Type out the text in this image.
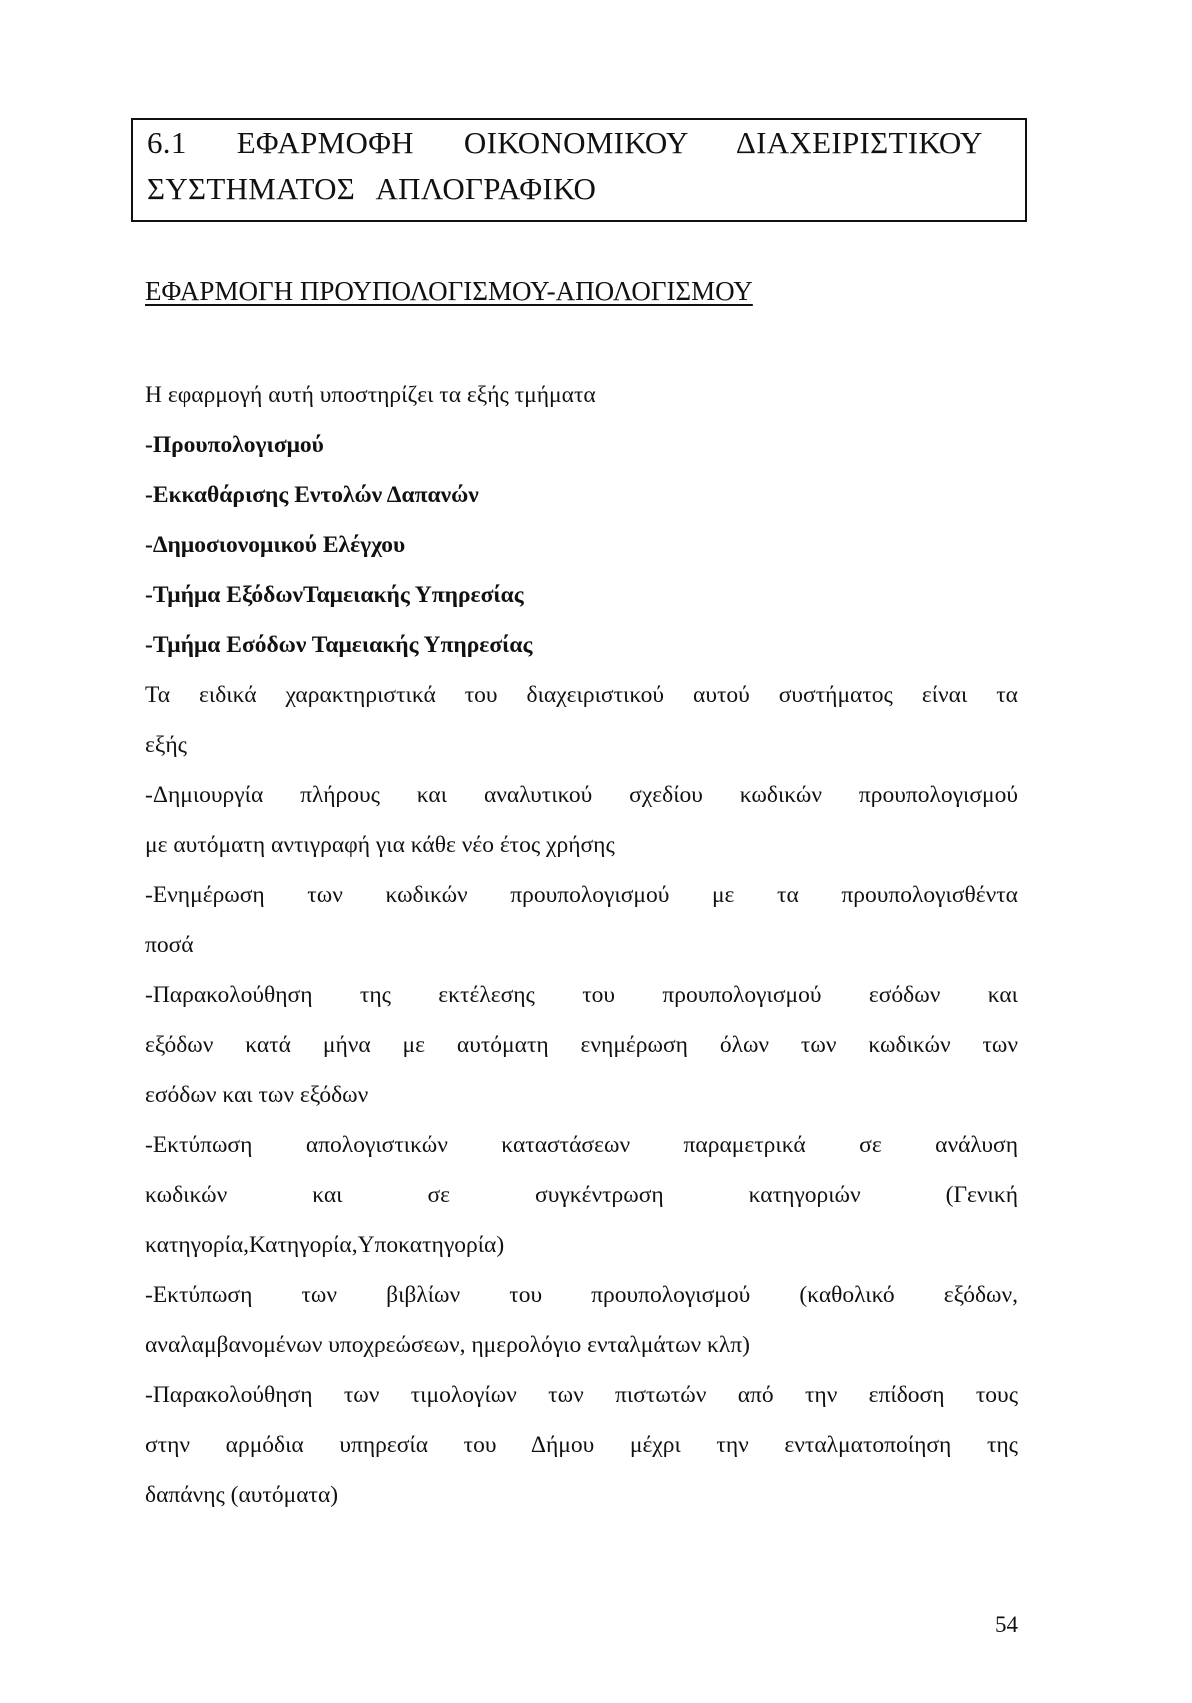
6.1 ΕΦΑΡΜΟΦΗ ΟΙΚΟΝΟΜΙΚΟΥ ΔΙΑΧΕΙΡΙΣΤΙΚΟΥ
ΣΥΣΤΗΜΑΤΟΣ ΑΠΛΟΓΡΑΦΙΚΟ
ΕΦΑΡΜΟΓΗ ΠΡΟΥΠΟΛΟΓΙΣΜΟΥ-ΑΠΟΛΟΓΙΣΜΟΥ
Η εφαρμογή αυτή υποστηρίζει τα εξής τμήματα
-Προυπολογισμού
-Εκκαθάρισης Εντολών Δαπανών
-Δημοσιονομικού Ελέγχου
-Τμήμα ΕξόδωνΤαμειακής Υπηρεσίας
-Τμήμα Εσόδων Ταμειακής Υπηρεσίας
Τα ειδικά χαρακτηριστικά του διαχειριστικού αυτού συστήματος είναι τα
εξής
-Δημιουργία πλήρους και αναλυτικού σχεδίου κωδικών προυπολογισμού
με αυτόματη αντιγραφή για κάθε νέο έτος χρήσης
-Ενημέρωση των κωδικών προυπολογισμού με τα προυπολογισθέντα
ποσά
-Παρακολούθηση της εκτέλεσης του προυπολογισμού εσόδων και
εξόδων κατά μήνα με αυτόματη ενημέρωση όλων των κωδικών των
εσόδων και των εξόδων
-Εκτύπωση απολογιστικών καταστάσεων παραμετρικά σε ανάλυση
κωδικών και σε συγκέντρωση κατηγοριών (Γενική
κατηγορία,Κατηγορία,Υποκατηγορία)
-Εκτύπωση των βιβλίων του προυπολογισμού (καθολικό εξόδων,
αναλαμβανομένων υποχρεώσεων, ημερολόγιο ενταλμάτων κλπ)
-Παρακολούθηση των τιμολογίων των πιστωτών από την επίδοση τους
στην αρμόδια υπηρεσία του Δήμου μέχρι την ενταλματοποίηση της
δαπάνης (αυτόματα)
54
